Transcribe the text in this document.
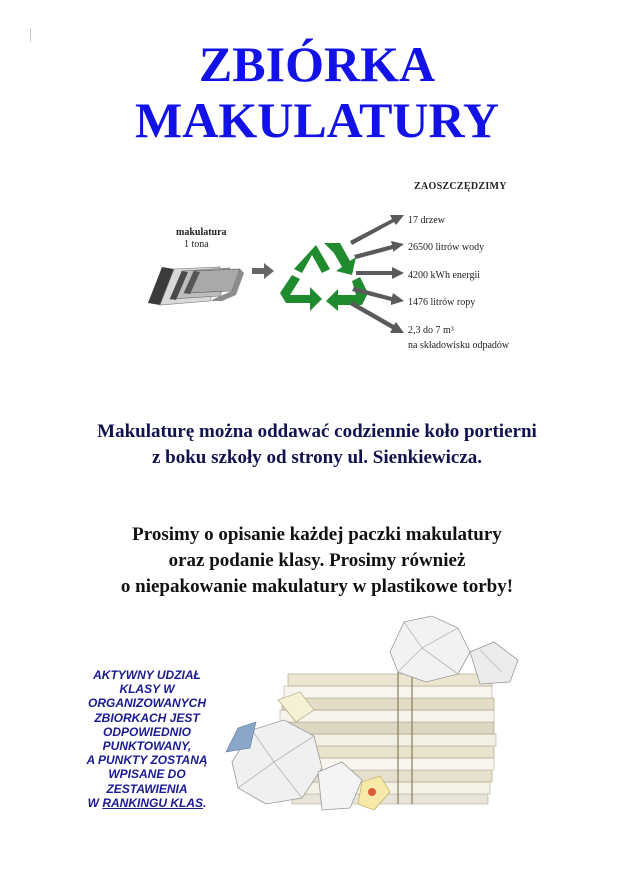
ZBIÓRKA
MAKULATURY
ZAOSZCZĘDZIMY
makulatura
1 tona
17 drzew
26500 litrów wody
4200 kWh energii
1476 litrów ropy
2,3 do 7 m³
na składowisku odpadów
Makulaturę można oddawać codziennie koło portierni
z boku szkoły od strony ul. Sienkiewicza.
Prosimy o opisanie każdej paczki makulatury
oraz podanie klasy. Prosimy również
o niepakowanie makulatury w plastikowe torby!
AKTYWNY UDZIAŁ
KLASY W
ORGANIZOWANYCH
ZBIORKACH JEST
ODPOWIEDNIO
PUNKTOWANY,
A PUNKTY ZOSTANĄ
WPISANE DO
ZESTAWIENIA
W RANKINGU KLAS.
